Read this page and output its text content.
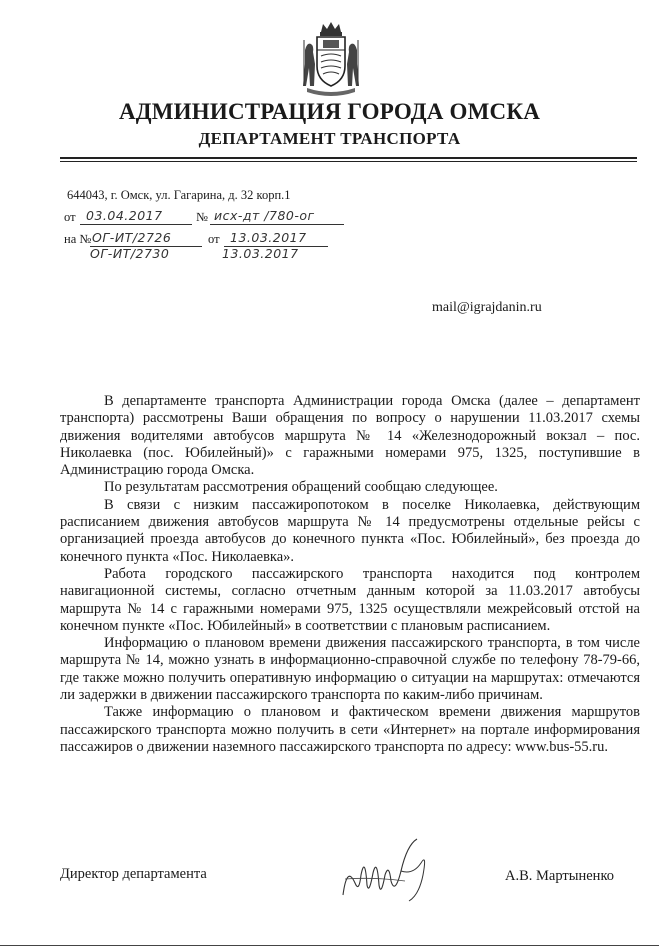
АДМИНИСТРАЦИЯ ГОРОДА ОМСКА
ДЕПАРТАМЕНТ ТРАНСПОРТА
644043, г. Омск, ул. Гагарина, д. 32 корп.1
от 03.04.2017	№ исх-дт /780-ог
на № ОГ-ИТ/2726
ОГ-ИТ/2730
от 13.03.2017
13.03.2017
mail@igrajdanin.ru

В департаменте транспорта Администрации города Омска (далее – департамент транспорта) рассмотрены Ваши обращения по вопросу о нарушении 11.03.2017 схемы движения водителями автобусов маршрута № 14 «Железнодорожный вокзал – пос. Николаевка (пос. Юбилейный)» с гаражными номерами 975, 1325, поступившие в Администрацию города Омска.

По результатам рассмотрения обращений сообщаю следующее.

В связи с низким пассажиропотоком в поселке Николаевка, действующим расписанием движения автобусов маршрута № 14 предусмотрены отдельные рейсы с организацией проезда автобусов до конечного пункта «Пос. Юбилейный», без проезда до конечного пункта «Пос. Николаевка».

Работа городского пассажирского транспорта находится под контролем навигационной системы, согласно отчетным данным которой за 11.03.2017 автобусы маршрута № 14 с гаражными номерами 975, 1325 осуществляли межрейсовый отстой на конечном пункте «Пос. Юбилейный» в соответствии с плановым расписанием.

Информацию о плановом времени движения пассажирского транспорта, в том числе маршрута № 14, можно узнать в информационно-справочной службе по телефону 78-79-66, где также можно получить оперативную информацию о ситуации на маршрутах: отмечаются ли задержки в движении пассажирского транспорта по каким-либо причинам.

Также информацию о плановом и фактическом времени движения маршрутов пассажирского транспорта можно получить в сети «Интернет» на портале информирования пассажиров о движении наземного пассажирского транспорта по адресу: www.bus-55.ru.

Директор департамента	А.В. Мартыненко
